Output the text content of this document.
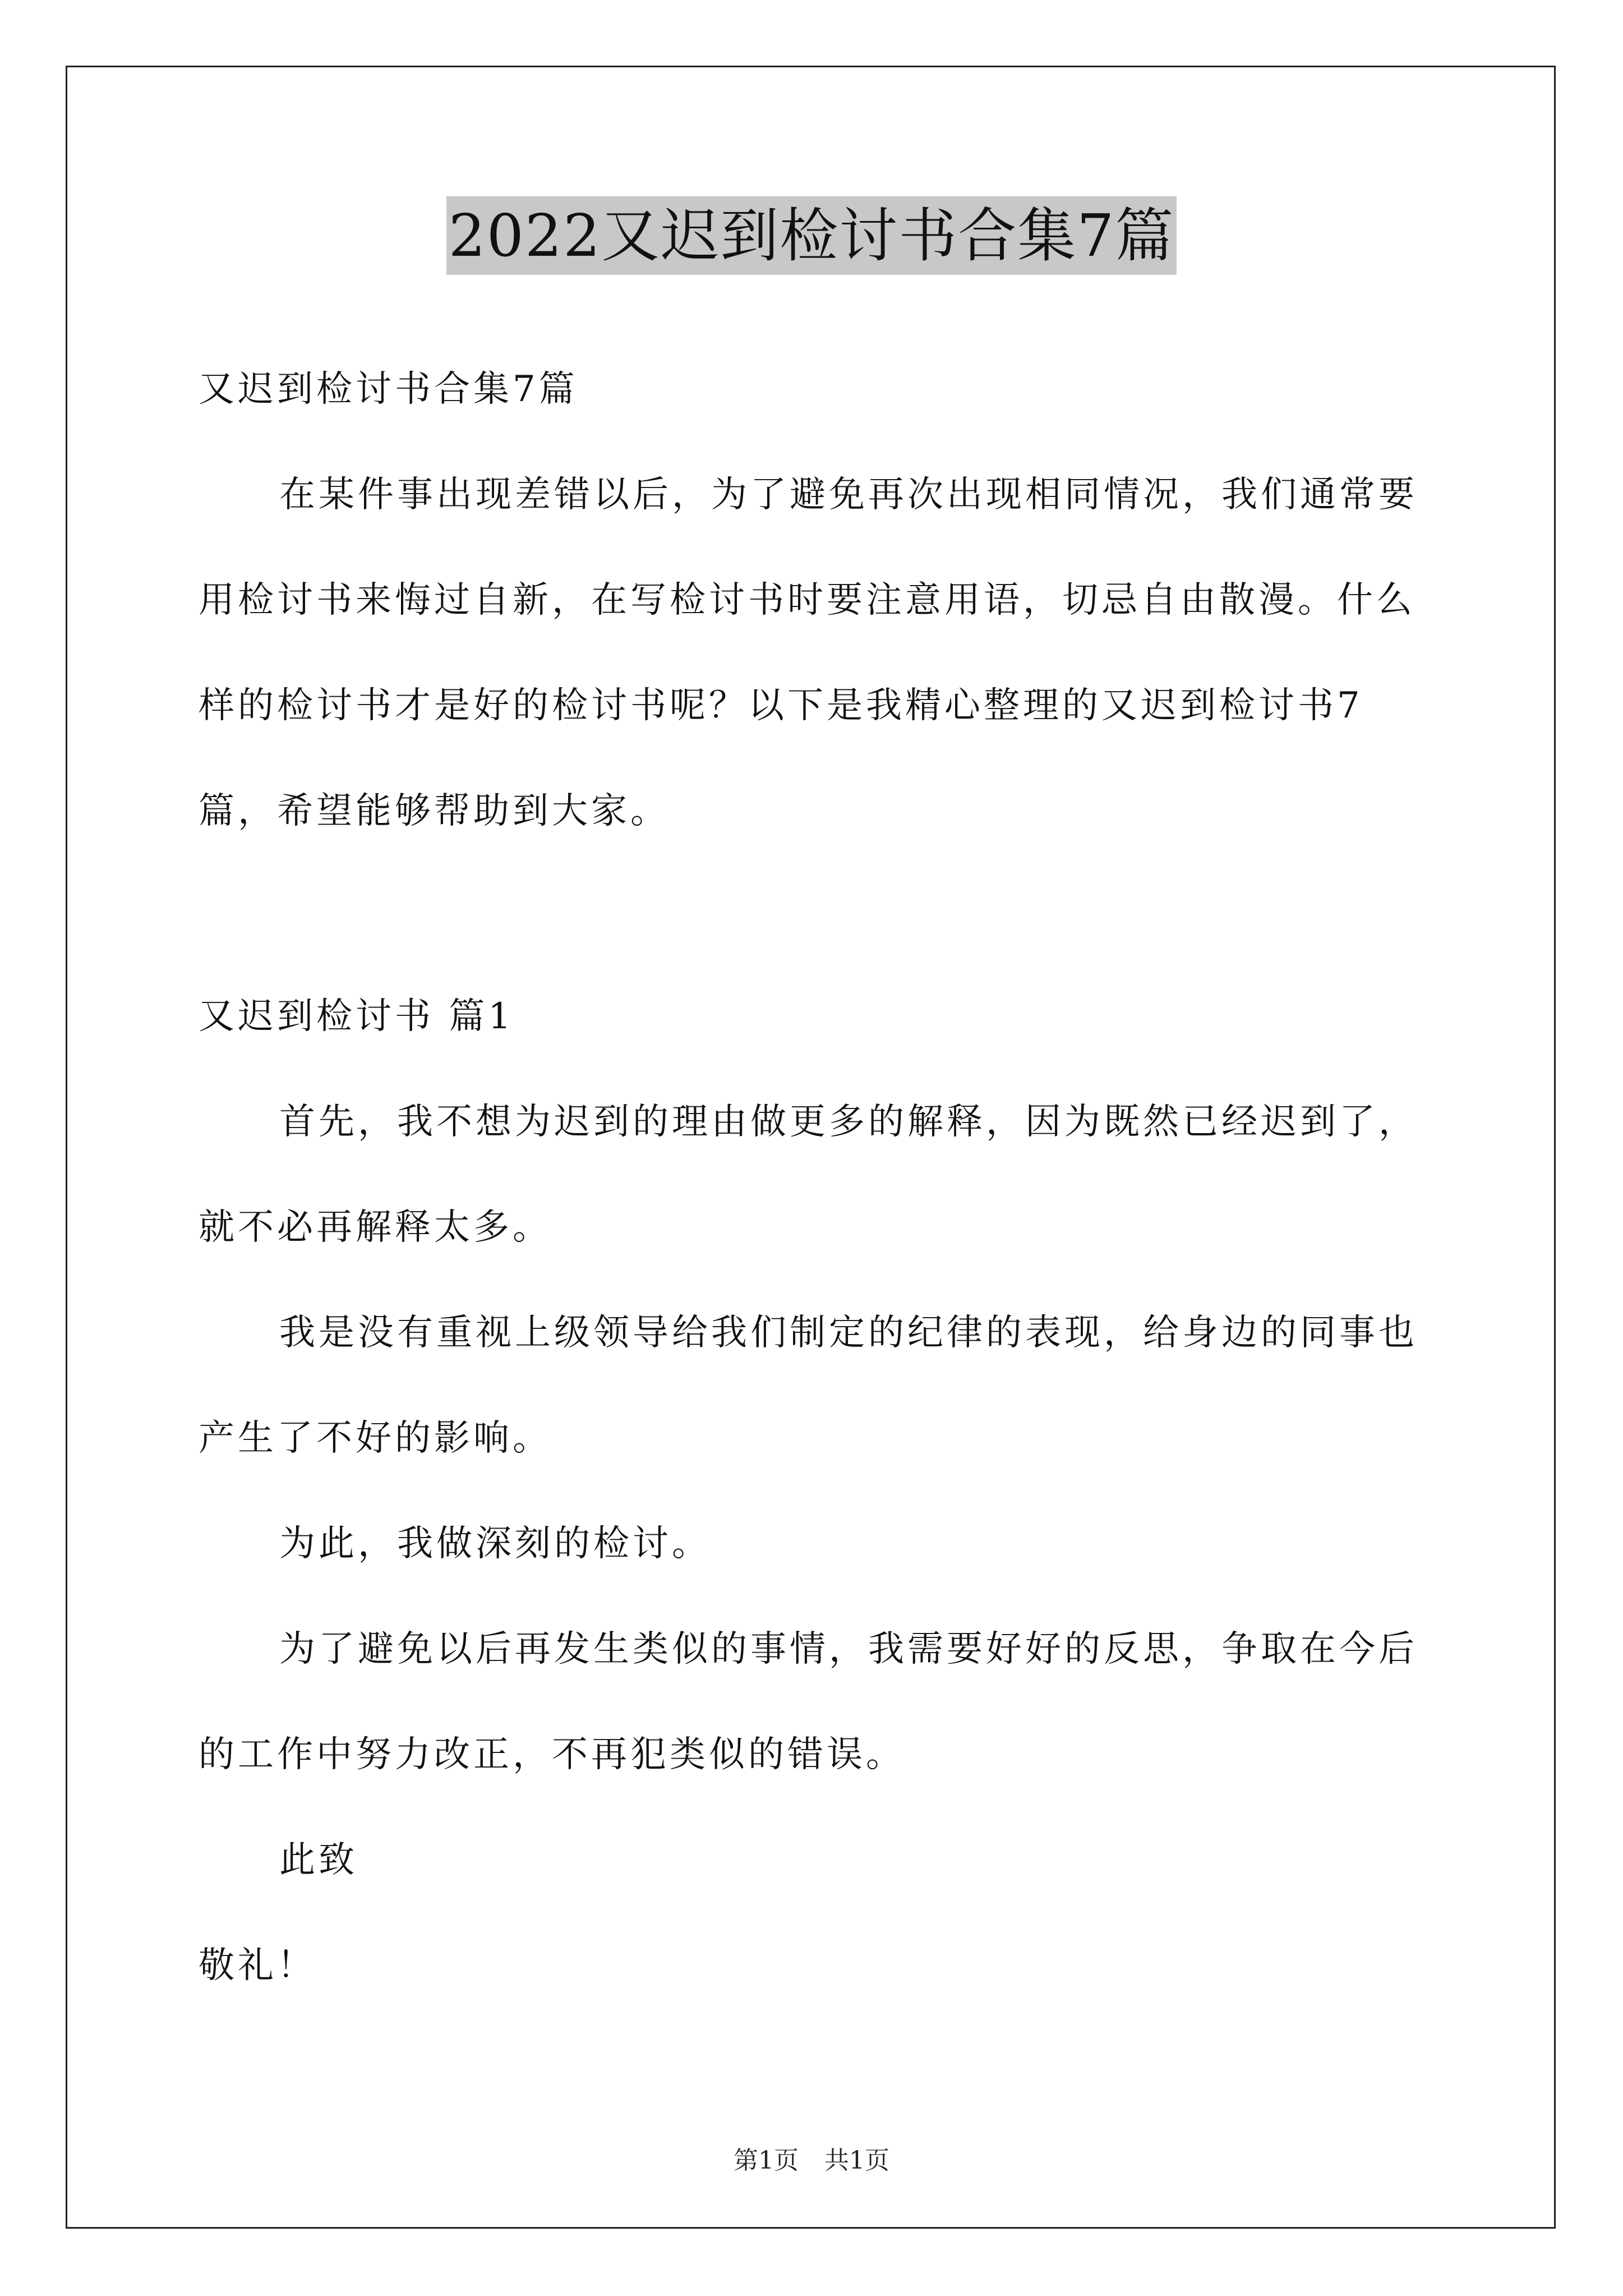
2022又迟到检讨书合集7篇

又迟到检讨书合集7篇

在某件事出现差错以后，为了避免再次出现相同情况，我们通常要用检讨书来悔过自新，在写检讨书时要注意用语，切忌自由散漫。什么样的检讨书才是好的检讨书呢？以下是我精心整理的又迟到检讨书7篇，希望能够帮助到大家。

又迟到检讨书 篇1

首先，我不想为迟到的理由做更多的解释，因为既然已经迟到了，就不必再解释太多。

我是没有重视上级领导给我们制定的纪律的表现，给身边的同事也产生了不好的影响。

为此，我做深刻的检讨。

为了避免以后再发生类似的事情，我需要好好的反思，争取在今后的工作中努力改正，不再犯类似的错误。

此致

敬礼！

第1页 共1页
